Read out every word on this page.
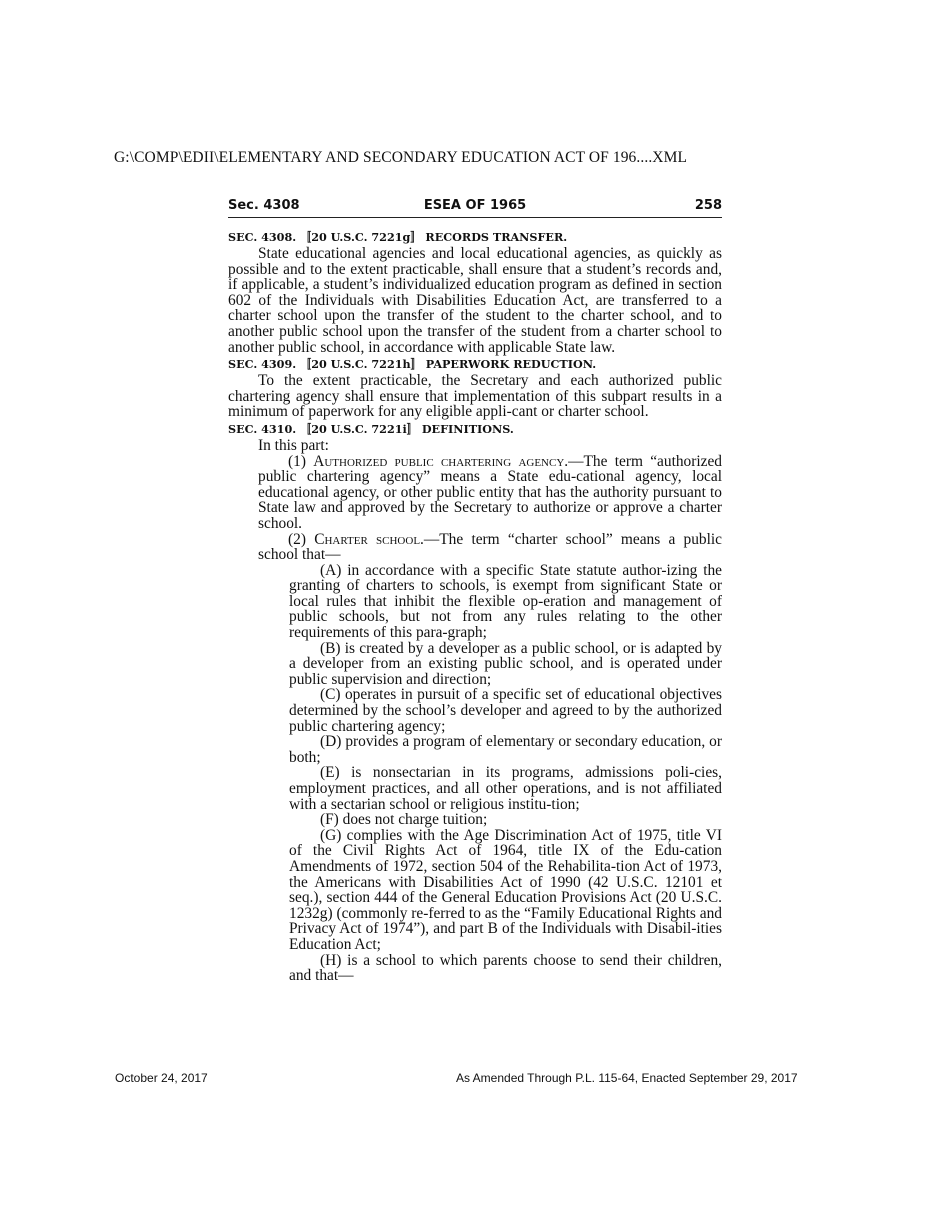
G:\COMP\EDII\ELEMENTARY AND SECONDARY EDUCATION ACT OF 196....XML
Sec. 4308	ESEA OF 1965	258
SEC. 4308. 〚20 U.S.C. 7221g〛 RECORDS TRANSFER.

State educational agencies and local educational agencies, as quickly as possible and to the extent practicable, shall ensure that a student’s records and, if applicable, a student’s individualized education program as defined in section 602 of the Individuals with Disabilities Education Act, are transferred to a charter school upon the transfer of the student to the charter school, and to another public school upon the transfer of the student from a charter school to another public school, in accordance with applicable State law.

SEC. 4309. 〚20 U.S.C. 7221h〛 PAPERWORK REDUCTION.

To the extent practicable, the Secretary and each authorized public chartering agency shall ensure that implementation of this subpart results in a minimum of paperwork for any eligible appli-cant or charter school.

SEC. 4310. 〚20 U.S.C. 7221i〛 DEFINITIONS.

In this part:

(1) Authorized public chartering agency.—The term “authorized public chartering agency” means a State edu-cational agency, local educational agency, or other public entity that has the authority pursuant to State law and approved by the Secretary to authorize or approve a charter school.

(2) Charter school.—The term “charter school” means a public school that—

(A) in accordance with a specific State statute author-izing the granting of charters to schools, is exempt from significant State or local rules that inhibit the flexible op-eration and management of public schools, but not from any rules relating to the other requirements of this para-graph;

(B) is created by a developer as a public school, or is adapted by a developer from an existing public school, and is operated under public supervision and direction;

(C) operates in pursuit of a specific set of educational objectives determined by the school’s developer and agreed to by the authorized public chartering agency;

(D) provides a program of elementary or secondary education, or both;

(E) is nonsectarian in its programs, admissions poli-cies, employment practices, and all other operations, and is not affiliated with a sectarian school or religious institu-tion;

(F) does not charge tuition;

(G) complies with the Age Discrimination Act of 1975, title VI of the Civil Rights Act of 1964, title IX of the Edu-cation Amendments of 1972, section 504 of the Rehabilita-tion Act of 1973, the Americans with Disabilities Act of 1990 (42 U.S.C. 12101 et seq.), section 444 of the General Education Provisions Act (20 U.S.C. 1232g) (commonly re-ferred to as the “Family Educational Rights and Privacy Act of 1974”), and part B of the Individuals with Disabil-ities Education Act;

(H) is a school to which parents choose to send their children, and that—

October 24, 2017	As Amended Through P.L. 115-64, Enacted September 29, 2017
